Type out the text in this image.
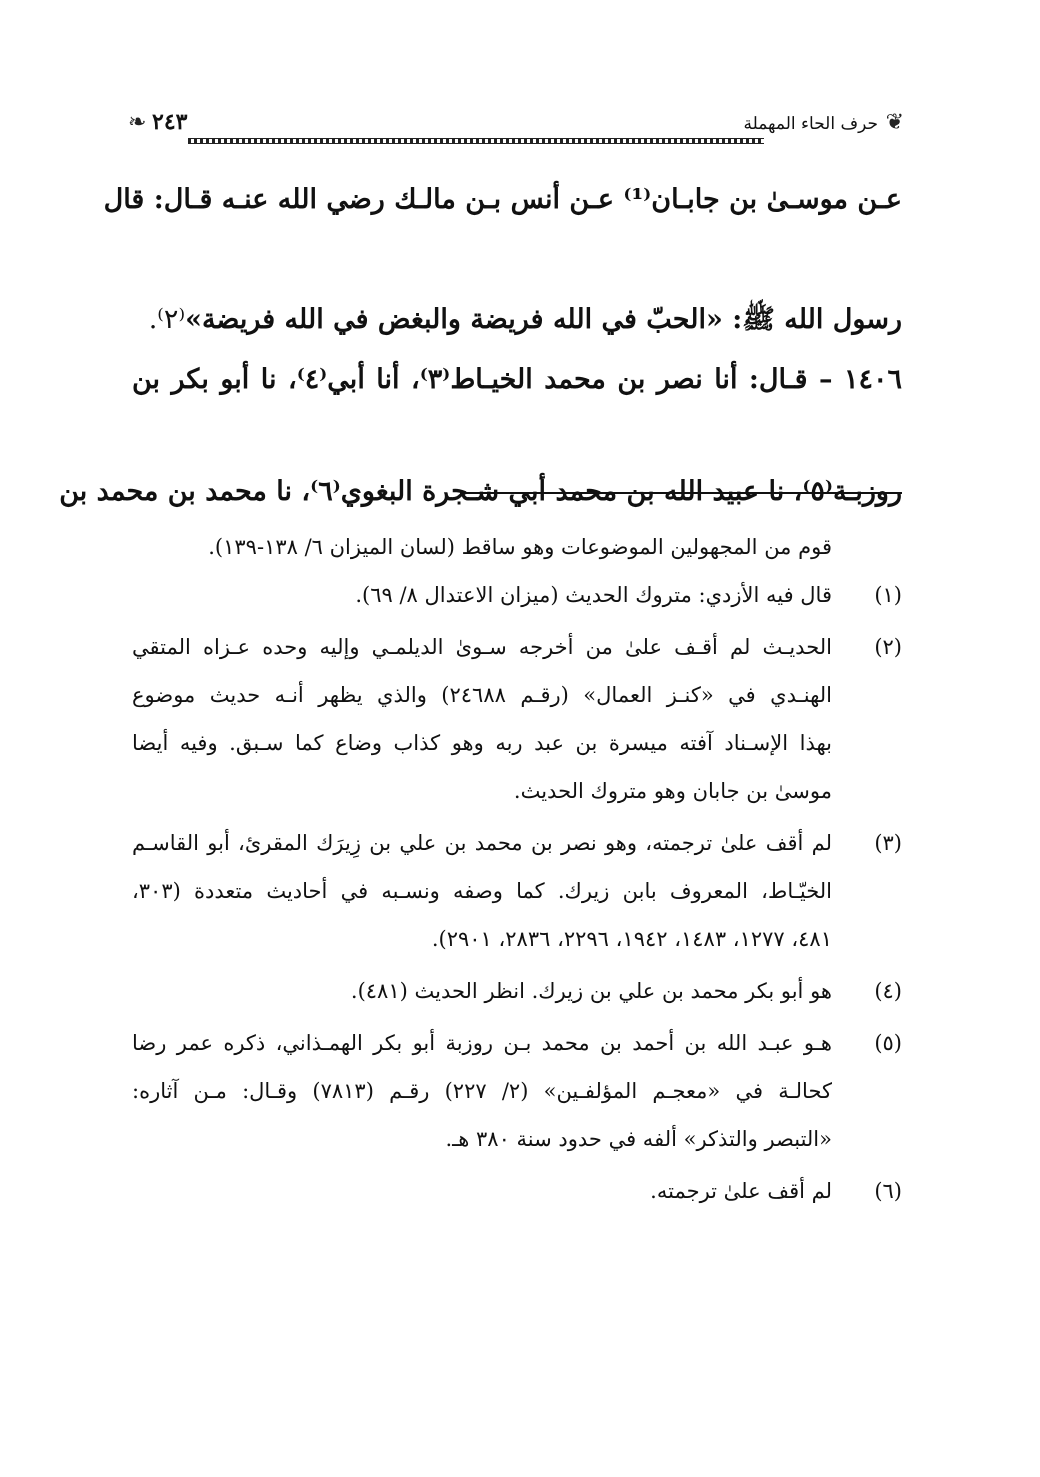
❦
حرف الحاء المهملة
❧ ٢٤٣
عـن موسـىٰ بن جابـان⁽¹⁾ عـن أنس بـن مالـك رضي الله عنـه قـال: قال
رسول الله ﷺ: «الحبّ في الله فريضة والبغض في الله فريضة»⁽٢⁾.
١٤٠٦ – قـال: أنا نصر بن محمد الخيـاط⁽٣⁾، أنا أبي⁽٤⁾، نا أبو بكر بن
روزبـة⁽٥⁾، نا عبيد الله بن محمد أبي شـجرة البغوي⁽٦⁾، نا محمد بن محمد بن
قوم من المجهولين الموضوعات وهو ساقط (لسان الميزان ٦/ ١٣٨-١٣٩).
(١)
قال فيه الأزدي: متروك الحديث (ميزان الاعتدال ٨/ ٦٩).
(٢)
الحديـث لم أقـف علىٰ من أخرجه سـوىٰ الديلمـي وإليه وحده عـزاه المتقي
الهنـدي في «كنـز العمال» (رقـم ٢٤٦٨٨) والذي يظهر أنـه حديث موضوع
بهذا الإسـناد آفته ميسرة بن عبد ربه وهو كذاب وضاع كما سـبق. وفيه أيضا
موسىٰ بن جابان وهو متروك الحديث.
(٣)
لم أقف علىٰ ترجمته، وهو نصر بن محمد بن علي بن زِيرَك المقرئ، أبو القاسـم
الخيّـاط، المعروف بابن زيرك. كما وصفه ونسـبه في أحاديث متعددة (٣٠٣،
٤٨١، ١٢٧٧، ١٤٨٣، ١٩٤٢، ٢٢٩٦، ٢٨٣٦، ٢٩٠١).
(٤)
هو أبو بكر محمد بن علي بن زيرك. انظر الحديث (٤٨١).
(٥)
هـو عبـد الله بن أحمد بن محمد بـن روزبة أبو بكر الهمـذاني، ذكره عمر رضا
كحالـة في «معجـم المؤلفـين» (٢/ ٢٢٧) رقـم (٧٨١٣) وقـال: مـن آثاره:
«التبصر والتذكر» ألفه في حدود سنة ٣٨٠ هـ.
(٦)
لم أقف علىٰ ترجمته.
